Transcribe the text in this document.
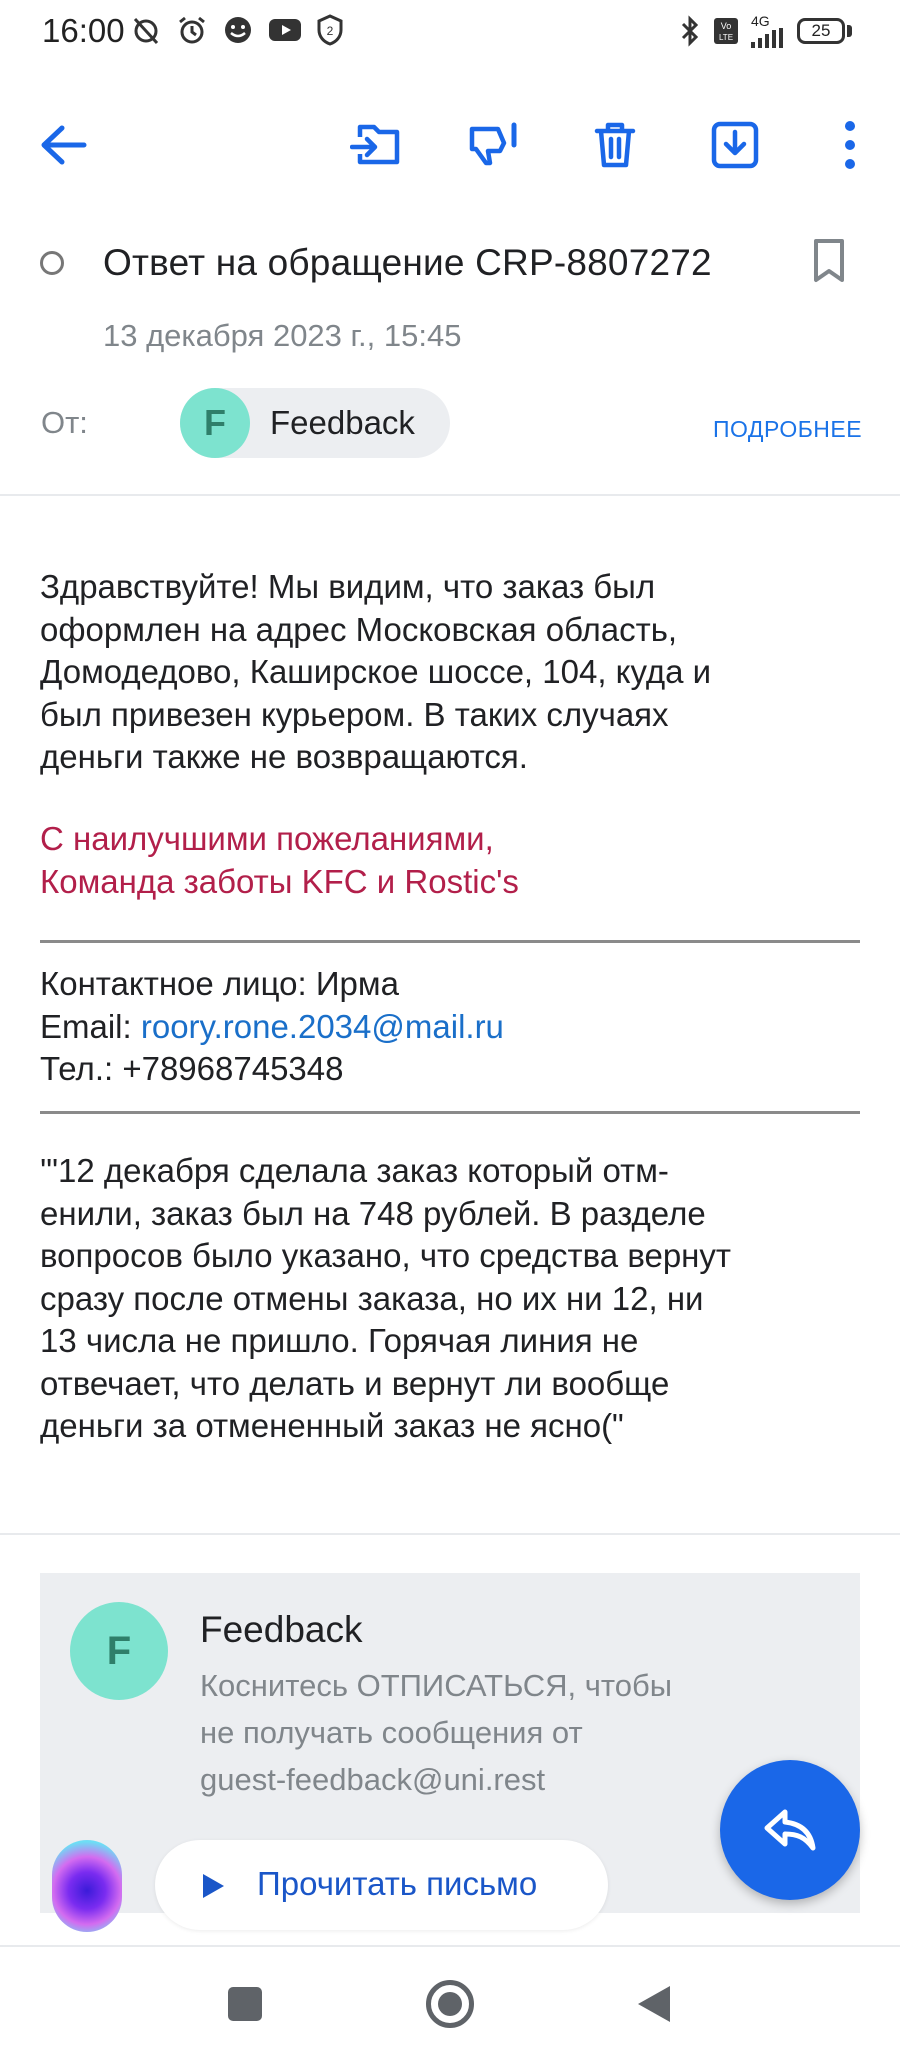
16:00	2	Vo
LTE
4G	25
Ответ на обращение CRP-8807272
13 декабря 2023 г., 15:45
От:	F	Feedback	ПОДРОБНЕЕ
Здравствуйте! Мы видим, что заказ был
оформлен на адрес Московская область,
Домодедово, Каширское шоссе, 104, куда и
был привезен курьером. В таких случаях
деньги также не возвращаются.
С наилучшими пожеланиями,
Команда заботы KFC и Rostic's
Контактное лицо: Ирма
Email: roory.rone.2034@mail.ru
Тел.: +78968745348
'"12 декабря сделала заказ который отм-
енили, заказ был на 748 рублей. В разделе
вопросов было указано, что средства вернут
сразу после отмены заказа, но их ни 12, ни
13 числа не пришло. Горячая линия не
отвечает, что делать и вернут ли вообще
деньги за отмененный заказ не ясно("
F	Feedback
Коснитесь ОТПИСАТЬСЯ, чтобы
не получать сообщения от
guest-feedback@uni.rest
Прочитать письмо
